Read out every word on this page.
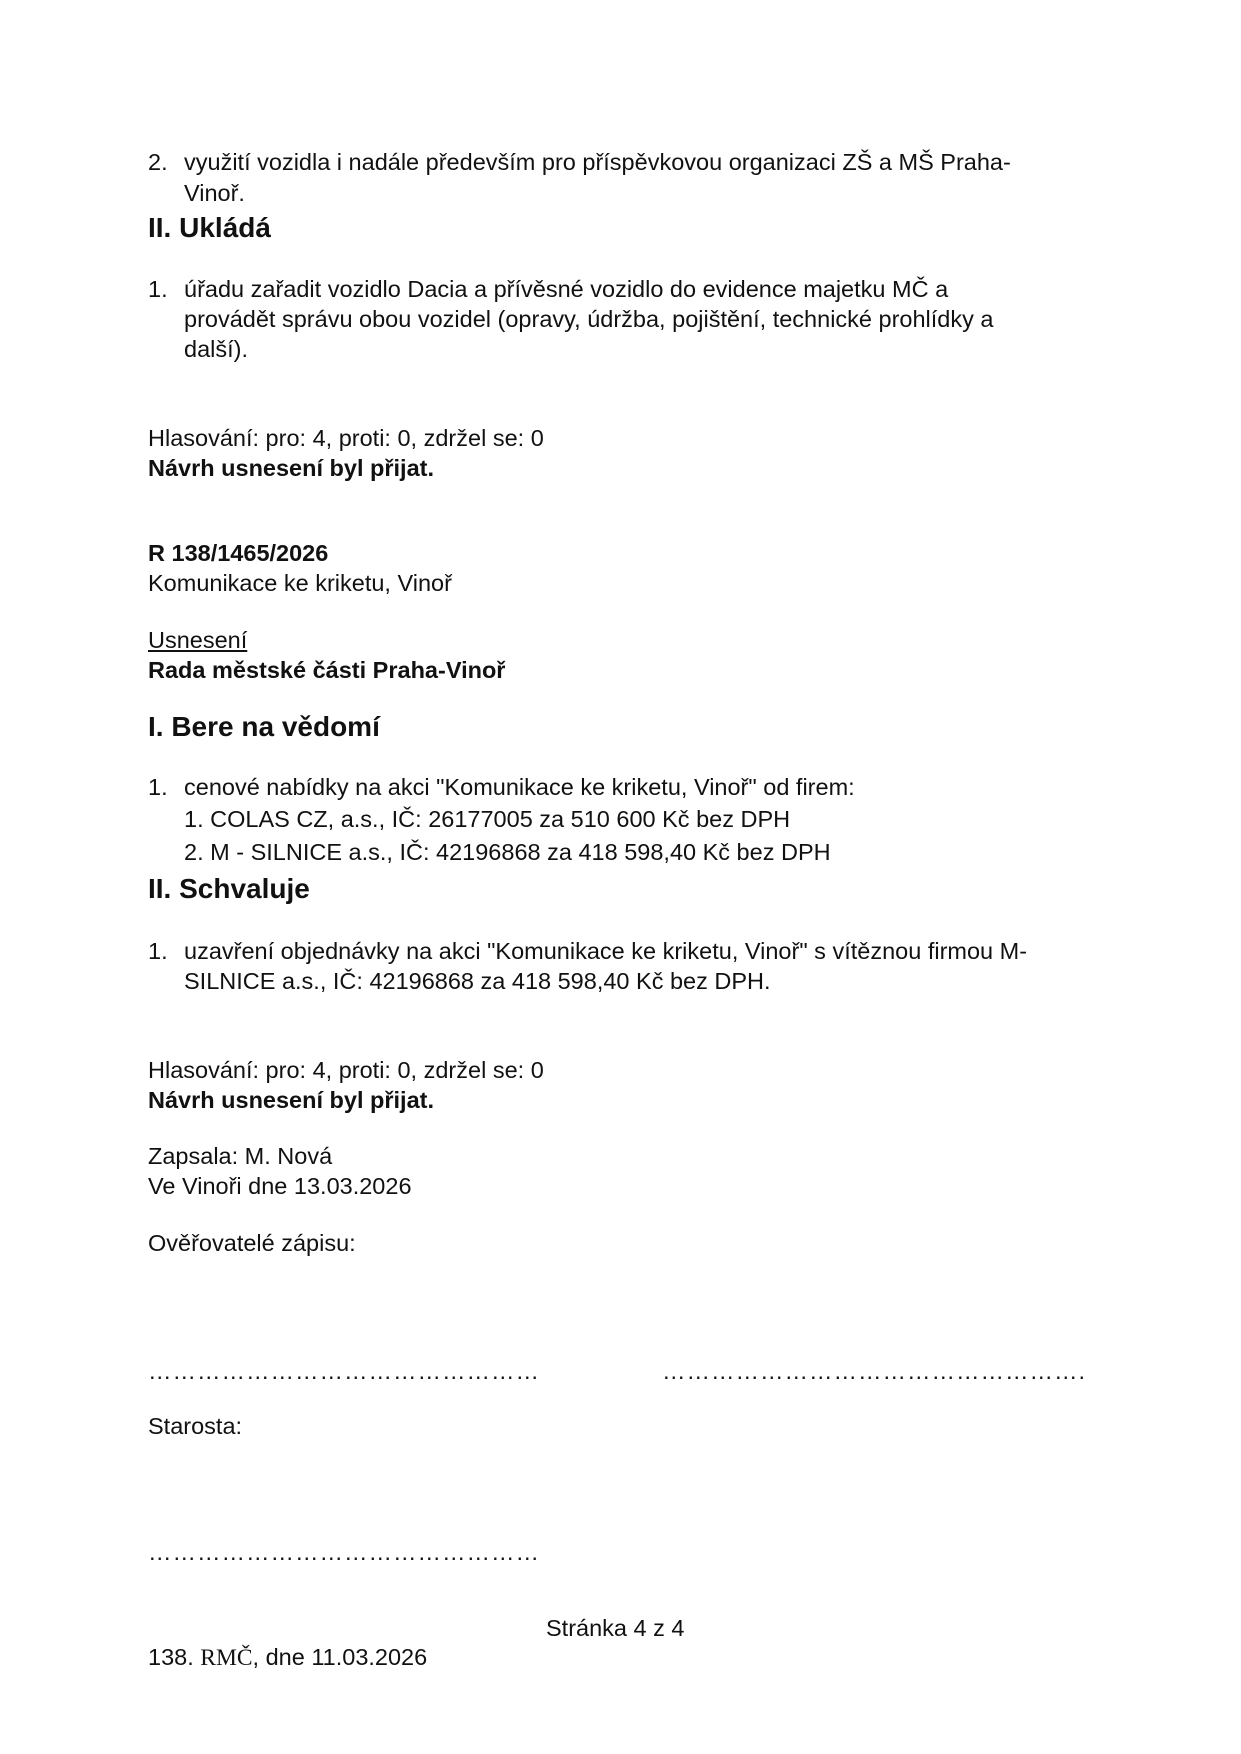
2. využití vozidla i nadále především pro příspěvkovou organizaci ZŠ a MŠ Praha-
Vinoř.
II. Ukládá
1. úřadu zařadit vozidlo Dacia a přívěsné vozidlo do evidence majetku MČ a
provádět správu obou vozidel (opravy, údržba, pojištění, technické prohlídky a
další).
Hlasování: pro: 4, proti: 0, zdržel se: 0
Návrh usnesení byl přijat.
R 138/1465/2026
Komunikace ke kriketu, Vinoř
Usnesení
Rada městské části Praha-Vinoř
I. Bere na vědomí
1. cenové nabídky na akci "Komunikace ke kriketu, Vinoř" od firem:
1. COLAS CZ, a.s., IČ: 26177005 za 510 600 Kč bez DPH
2. M - SILNICE a.s., IČ: 42196868 za 418 598,40 Kč bez DPH
II. Schvaluje
1. uzavření objednávky na akci "Komunikace ke kriketu, Vinoř" s vítěznou firmou M-
SILNICE a.s., IČ: 42196868 za 418 598,40 Kč bez DPH.
Hlasování: pro: 4, proti: 0, zdržel se: 0
Návrh usnesení byl přijat.
Zapsala: M. Nová
Ve Vinoři dne 13.03.2026
Ověřovatelé zápisu:
…………………………………………	…………………………………………….
Starosta:
…………………………………………
Stránka 4 z 4
138. RMČ, dne 11.03.2026
